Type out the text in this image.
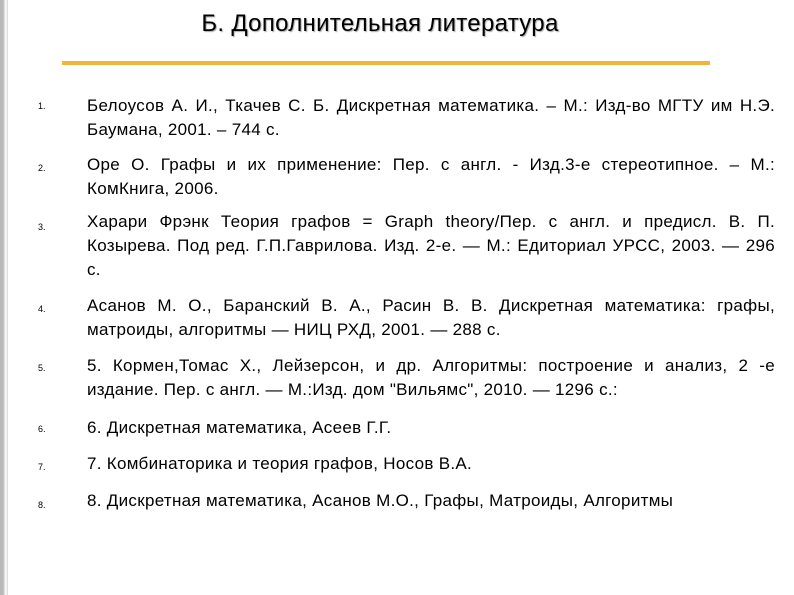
Б. Дополнительная литература
1. Белоусов А. И., Ткачев С. Б. Дискретная математика. – М.: Изд-во МГТУ им Н.Э. Баумана, 2001. – 744 с.
2. Оре О. Графы и их применение: Пер. с англ. - Изд.3-е стереотипное. – М.: КомКнига, 2006.
3. Харари Фрэнк Теория графов = Graph theory/Пер. с англ. и предисл. В. П. Козырева. Под ред. Г.П.Гаврилова. Изд. 2-е. — М.: Едиториал УРСС, 2003. — 296 с.
4. Асанов М. О., Баранский В. А., Расин В. В. Дискретная математика: графы, матроиды, алгоритмы — НИЦ РХД, 2001. — 288 с.
5. 5. Кормен,Томас Х., Лейзерсон, и др. Алгоритмы: построение и анализ, 2 -е издание. Пер. с англ. — М.:Изд. дом "Вильямс", 2010. — 1296 с.:
6. 6. Дискретная математика, Асеев Г.Г.
7. 7. Комбинаторика и теория графов, Носов В.А.
8. 8. Дискретная математика, Асанов М.О., Графы, Матроиды, Алгоритмы
